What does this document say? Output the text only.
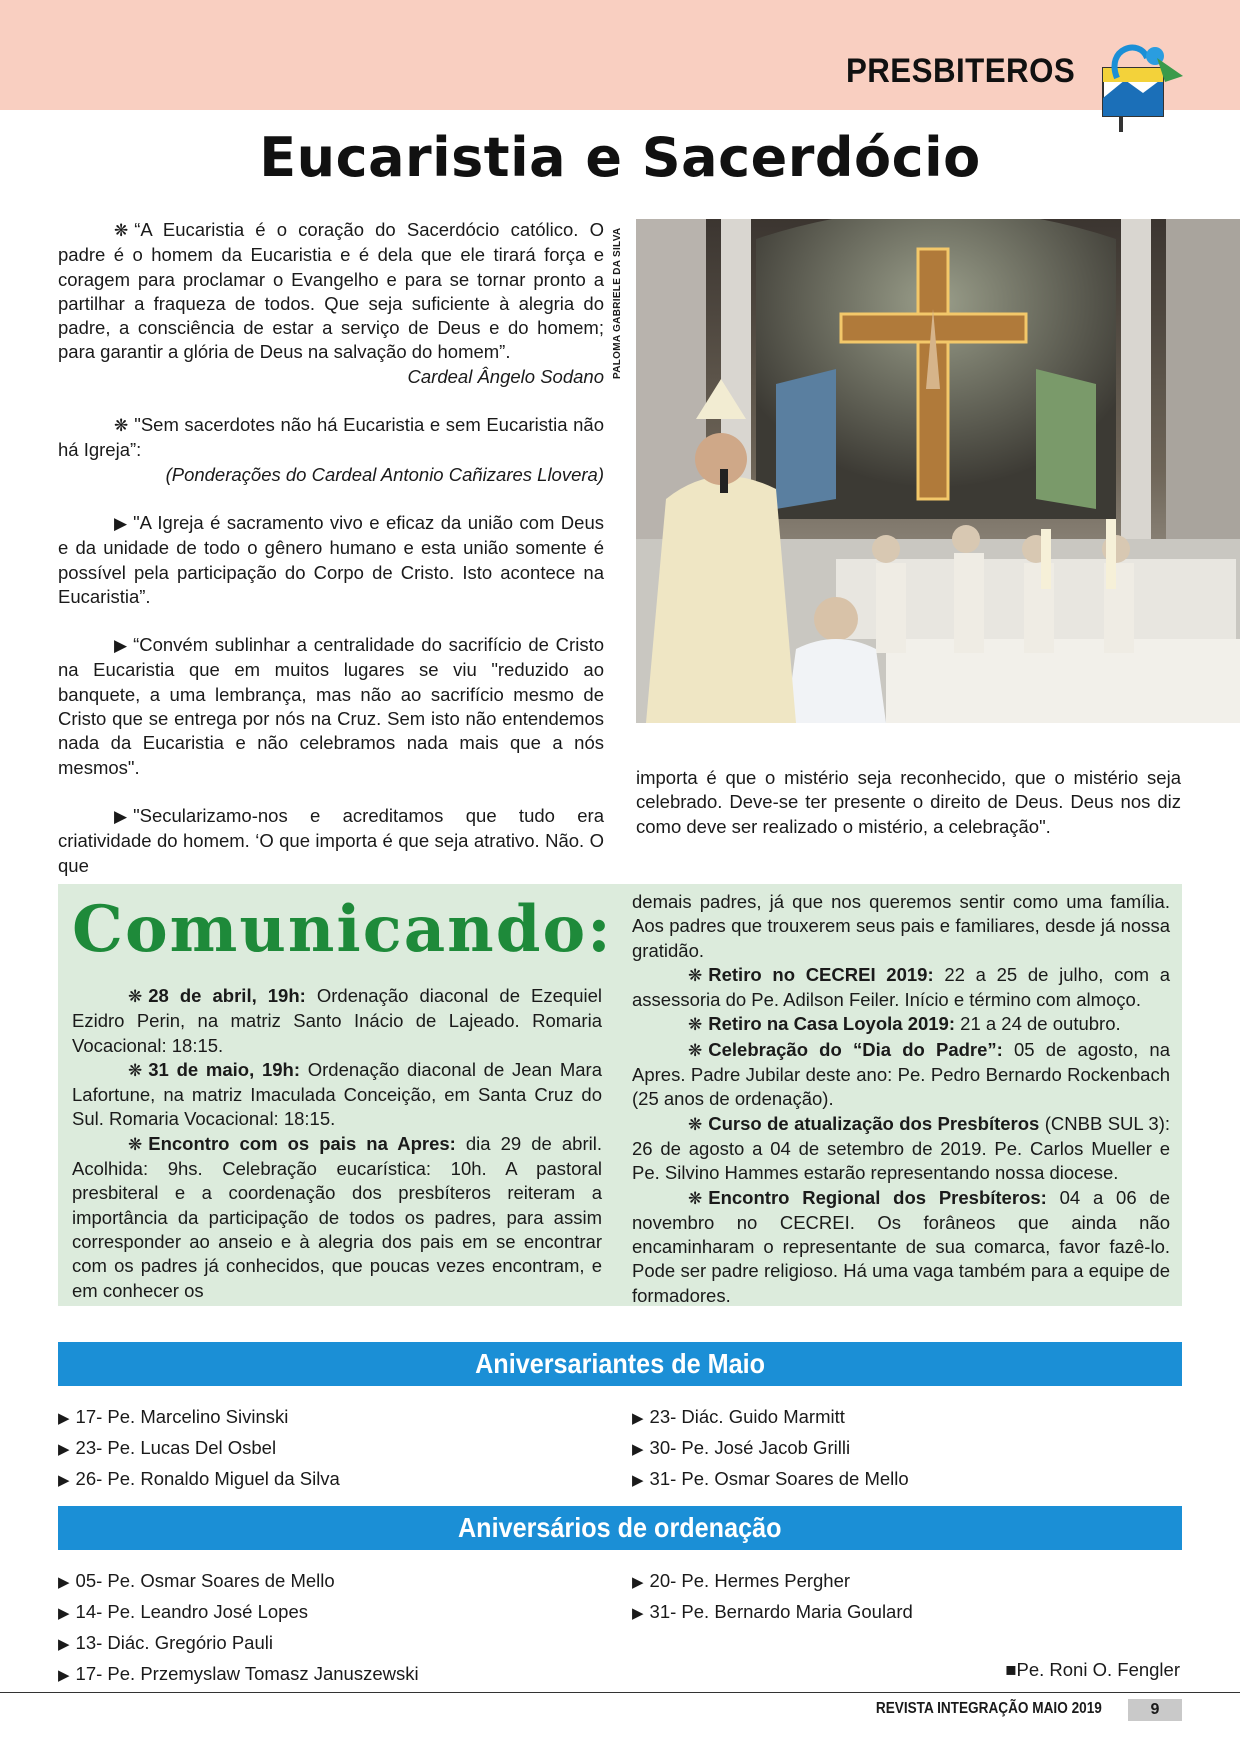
PRESBITEROS
Eucaristia e Sacerdócio

❋ “A Eucaristia é o coração do Sacerdócio católico. O padre é o homem da Eucaristia e é dela que ele tirará força e coragem para proclamar o Evangelho e para se tornar pronto a partilhar a fraqueza de todos. Que seja suficiente à alegria do padre, a consciência de estar a serviço de Deus e do homem; para garantir a glória de Deus na salvação do homem”.

Cardeal Ângelo Sodano

❋ "Sem sacerdotes não há Eucaristia e sem Eucaristia não há Igreja”:

(Ponderações do Cardeal Antonio Cañizares Llovera)

▶ "A Igreja é sacramento vivo e eficaz da união com Deus e da unidade de todo o gênero humano e esta união somente é possível pela participação do Corpo de Cristo. Isto acontece na Eucaristia”.

▶ “Convém sublinhar a centralidade do sacrifício de Cristo na Eucaristia que em muitos lugares se viu "reduzido ao banquete, a uma lembrança, mas não ao sacrifício mesmo de Cristo que se entrega por nós na Cruz. Sem isto não entendemos nada da Eucaristia e não celebramos nada mais que a nós mesmos".

▶ "Secularizamo-nos e acreditamos que tudo era criatividade do homem. ‘O que importa é que seja atrativo. Não. O que

PALOMA GABRIELE DA SILVA
importa é que o mistério seja reconhecido, que o mistério seja celebrado. Deve-se ter presente o direito de Deus. Deus nos diz como deve ser realizado o mistério, a celebração".
Comunicando:

❋ 28 de abril, 19h: Ordenação diaconal de Ezequiel Ezidro Perin, na matriz Santo Inácio de Lajeado. Romaria Vocacional: 18:15.

❋ 31 de maio, 19h: Ordenação diaconal de Jean Mara Lafortune, na matriz Imaculada Conceição, em Santa Cruz do Sul. Romaria Vocacional: 18:15.

❋ Encontro com os pais na Apres: dia 29 de abril. Acolhida: 9hs. Celebração eucarística: 10h. A pastoral presbiteral e a coordenação dos presbíteros reiteram a importância da participação de todos os padres, para assim corresponder ao anseio e à alegria dos pais em se encontrar com os padres já conhecidos, que poucas vezes encontram, e em conhecer os

demais padres, já que nos queremos sentir como uma família. Aos padres que trouxerem seus pais e familiares, desde já nossa gratidão.

❋ Retiro no CECREI 2019: 22 a 25 de julho, com a assessoria do Pe. Adilson Feiler. Início e término com almoço.

❋ Retiro na Casa Loyola 2019: 21 a 24 de outubro.

❋ Celebração do “Dia do Padre”: 05 de agosto, na Apres. Padre Jubilar deste ano: Pe. Pedro Bernardo Rockenbach (25 anos de ordenação).

❋ Curso de atualização dos Presbíteros (CNBB SUL 3): 26 de agosto a 04 de setembro de 2019. Pe. Carlos Mueller e Pe. Silvino Hammes estarão representando nossa diocese.

❋ Encontro Regional dos Presbíteros: 04 a 06 de novembro no CECREI. Os forâneos que ainda não encaminharam o representante de sua comarca, favor fazê-lo. Pode ser padre religioso. Há uma vaga também para a equipe de formadores.

Aniversariantes de Maio
▶ 17- Pe. Marcelino Sivinski
▶ 23- Pe. Lucas Del Osbel
▶ 26- Pe. Ronaldo Miguel da Silva
▶ 23- Diác. Guido Marmitt
▶ 30- Pe. José Jacob Grilli
▶ 31- Pe. Osmar Soares de Mello
Aniversários de ordenação
▶ 05- Pe. Osmar Soares de Mello
▶ 14- Pe. Leandro José Lopes
▶ 13- Diác. Gregório Pauli
▶ 17- Pe. Przemyslaw Tomasz Januszewski
▶ 20- Pe. Hermes Pergher
▶ 31- Pe. Bernardo Maria Goulard
■Pe. Roni O. Fengler
REVISTA INTEGRAÇÃO MAIO 2019	9
